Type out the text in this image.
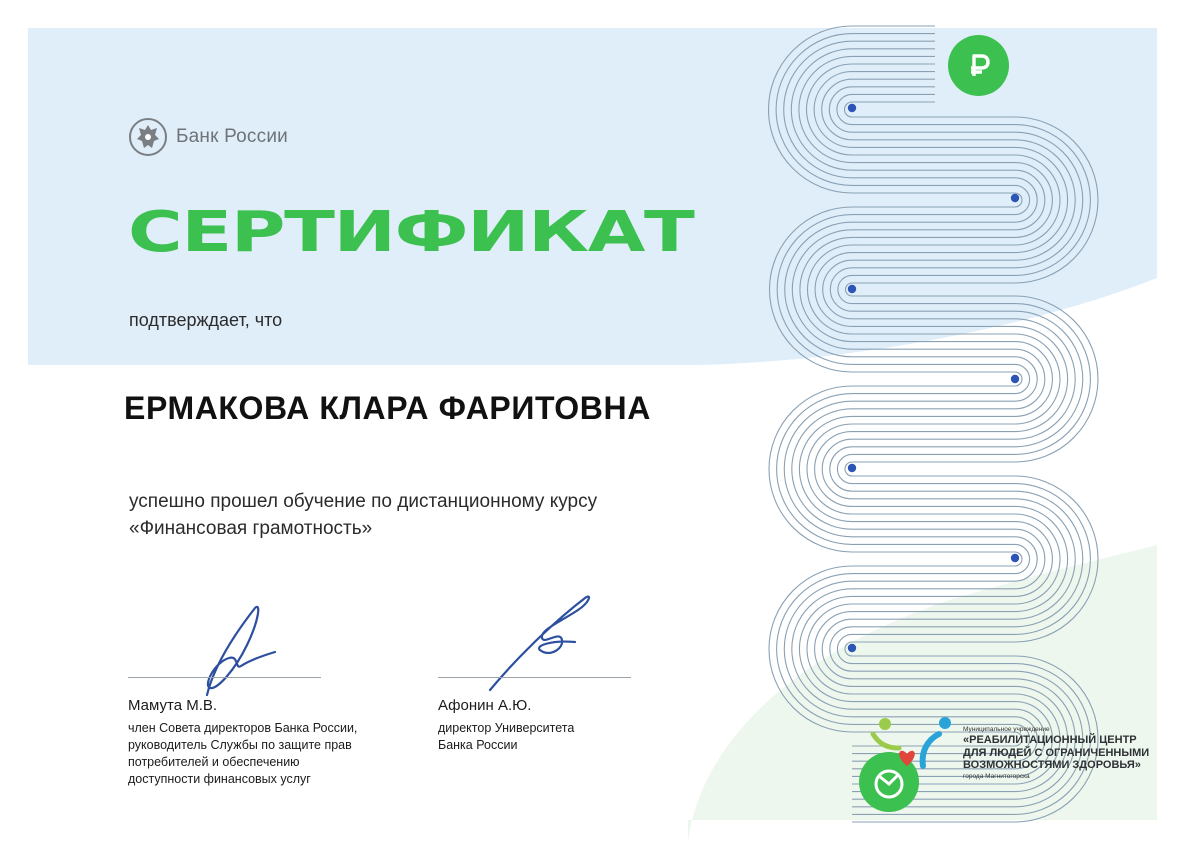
Банк России
СЕРТИФИКАТ
подтверждает, что
ЕРМАКОВА КЛАРА ФАРИТОВНА
успешно прошел обучение по дистанционному курсу
«Финансовая грамотность»
Мамута М.В.
член Совета директоров Банка России,
руководитель Службы по защите прав
потребителей и обеспечению
доступности финансовых услуг
Афонин А.Ю.
директор Университета
Банка России
Муниципальное учреждение
«РЕАБИЛИТАЦИОННЫЙ ЦЕНТР
ДЛЯ ЛЮДЕЙ С ОГРАНИЧЕННЫМИ
ВОЗМОЖНОСТЯМИ ЗДОРОВЬЯ»
города Магнитогорска
